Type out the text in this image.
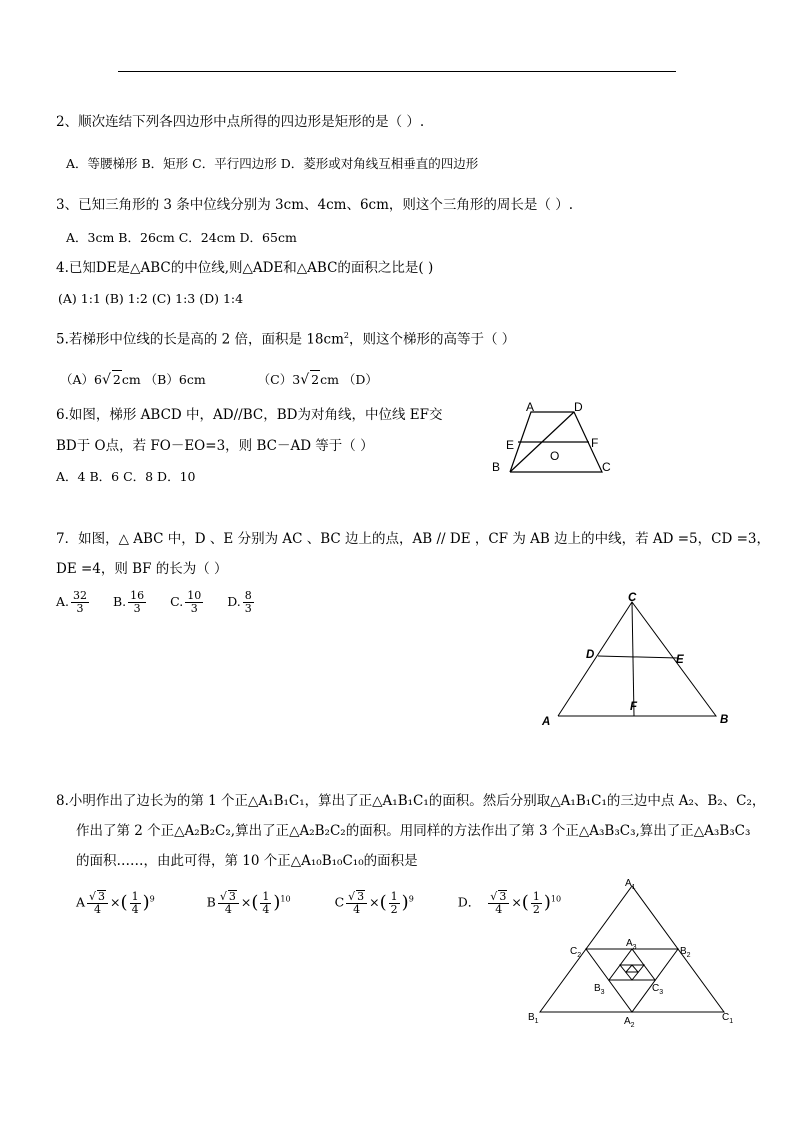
2、顺次连结下列各四边形中点所得的四边形是矩形的是（ ）.
A．等腰梯形 B．矩形 C．平行四边形 D．菱形或对角线互相垂直的四边形
3、已知三角形的 3 条中位线分别为 3cm、4cm、6cm，则这个三角形的周长是（ ）.
A．3cm B．26cm C．24cm D．65cm
4.已知DE是△ABC的中位线,则△ADE和△ABC的面积之比是( )
(A) 1:1 (B) 1:2 (C) 1:3 (D) 1:4
5.若梯形中位线的长是高的 2 倍，面积是 $18cm^2$，则这个梯形的高等于（ ）
（A）6√ 2cm （B）6cm	（C）3√ 2cm （D）
6.如图，梯形 ABCD 中，AD//BC，BD为对角线，中位线 EF交
BD于 O点，若 FO－EO=3，则 BC－AD 等于（ ）
A．4 B．6 C．8 D．10
A	D
E	F
O
B	C
7．如图，△ ABC 中，D 、E 分别为 AC 、BC 边上的点，AB // DE ，CF 为 AB 边上的中线，若 AD =5，CD =3，
DE =4，则 BF 的长为（ ）
A. $\frac{32}{3} B$. $\frac{16}{3} C$. $\frac{10}{3} D$. $\frac{8}{3}$	C
D	E
F
A	B
8.小明作出了边长为的第 1 个正△A₁B₁C₁，算出了正△A₁B₁C₁的面积。然后分别取△A₁B₁C₁的三边中点 A₂、B₂、C₂，
作出了第 2 个正△A₂B₂C₂,算出了正△A₂B₂C₂的面积。用同样的方法作出了第 3 个正△A₃B₃C₃,算出了正△A₃B₃C₃
的面积……，由此可得，第 10 个正△A₁₀B₁₀C₁₀的面积是
A $\frac{√ 3}{4}$ ×( $\frac{1}{4} )^9$	B $\frac{√ 3}{4}$ ×( $\frac{1}{4} )^{10}$	C $\frac{√ 3}{4}$ ×( $\frac{1}{2} )^9$	D． $\frac{√ 3}{4}$ ×( $\frac{1}{2} )^{10}$
$A_1$
$C_2$	$B_2$
$A_3$
$B_3$	$C_3$
$B_1$	$A_2$
$C_1$
